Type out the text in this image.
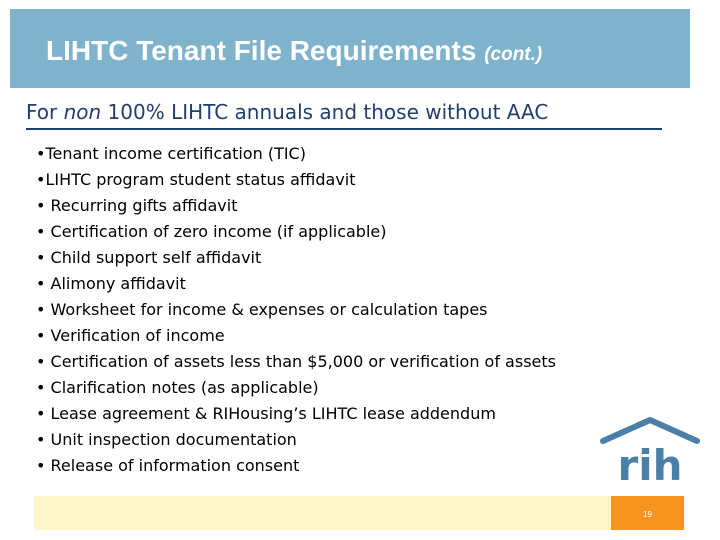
LIHTC Tenant File Requirements (cont.)

For non 100% LIHTC annuals and those without AAC

•Tenant income certification (TIC)
•LIHTC program student status affidavit
• Recurring gifts affidavit
• Certification of zero income (if applicable)
• Child support self affidavit
• Alimony affidavit
• Worksheet for income & expenses or calculation tapes
• Verification of income
• Certification of assets less than $5,000 or verification of assets
• Clarification notes (as applicable)
• Lease agreement & RIHousing’s LIHTC lease addendum
• Unit inspection documentation
• Release of information consent	rih
19
